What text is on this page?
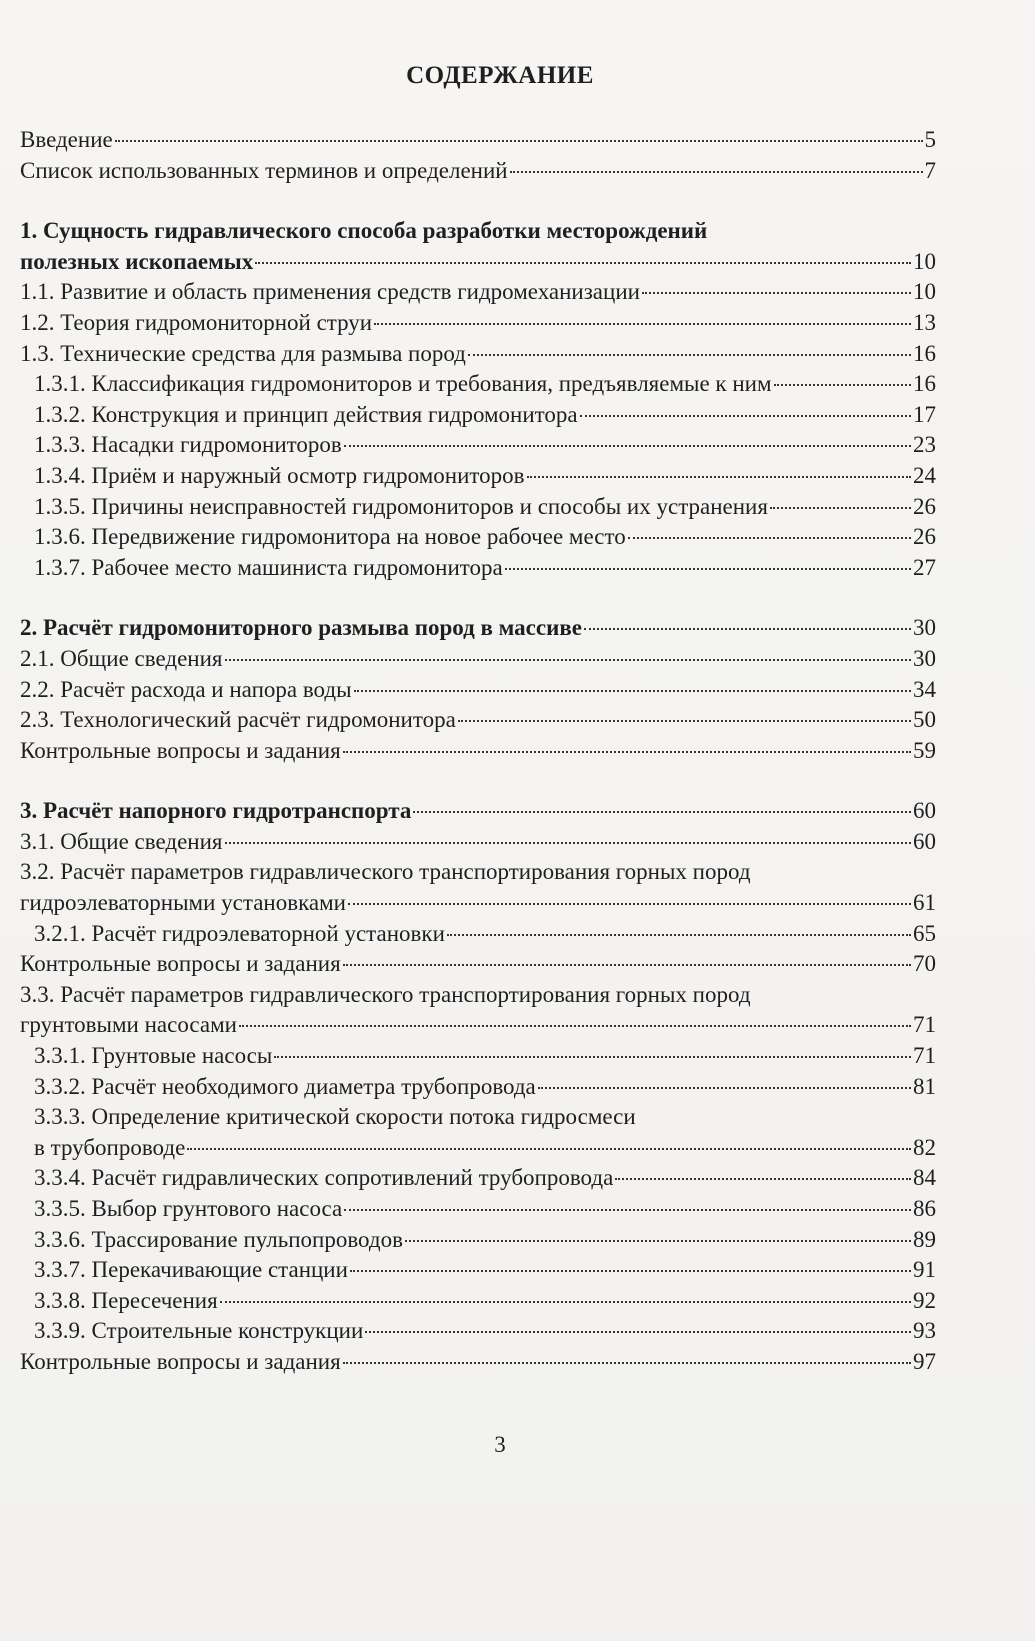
СОДЕРЖАНИЕ
Введение	5
Список использованных терминов и определений	7
1. Сущность гидравлического способа разработки месторождений
полезных ископаемых	10
1.1. Развитие и область применения средств гидромеханизации	10
1.2. Теория гидромониторной струи	13
1.3. Технические средства для размыва пород	16
1.3.1. Классификация гидромониторов и требования, предъявляемые к ним	16
1.3.2. Конструкция и принцип действия гидромонитора	17
1.3.3. Насадки гидромониторов	23
1.3.4. Приём и наружный осмотр гидромониторов	24
1.3.5. Причины неисправностей гидромониторов и способы их устранения	26
1.3.6. Передвижение гидромонитора на новое рабочее место	26
1.3.7. Рабочее место машиниста гидромонитора	27
2. Расчёт гидромониторного размыва пород в массиве	30
2.1. Общие сведения	30
2.2. Расчёт расхода и напора воды	34
2.3. Технологический расчёт гидромонитора	50
Контрольные вопросы и задания	59
3. Расчёт напорного гидротранспорта	60
3.1. Общие сведения	60
3.2. Расчёт параметров гидравлического транспортирования горных пород
гидроэлеваторными установками	61
3.2.1. Расчёт гидроэлеваторной установки	65
Контрольные вопросы и задания	70
3.3. Расчёт параметров гидравлического транспортирования горных пород
грунтовыми насосами	71
3.3.1. Грунтовые насосы	71
3.3.2. Расчёт необходимого диаметра трубопровода	81
3.3.3. Определение критической скорости потока гидросмеси
в трубопроводе	82
3.3.4. Расчёт гидравлических сопротивлений трубопровода	84
3.3.5. Выбор грунтового насоса	86
3.3.6. Трассирование пульпопроводов	89
3.3.7. Перекачивающие станции	91
3.3.8. Пересечения	92
3.3.9. Строительные конструкции	93
Контрольные вопросы и задания	97
3
